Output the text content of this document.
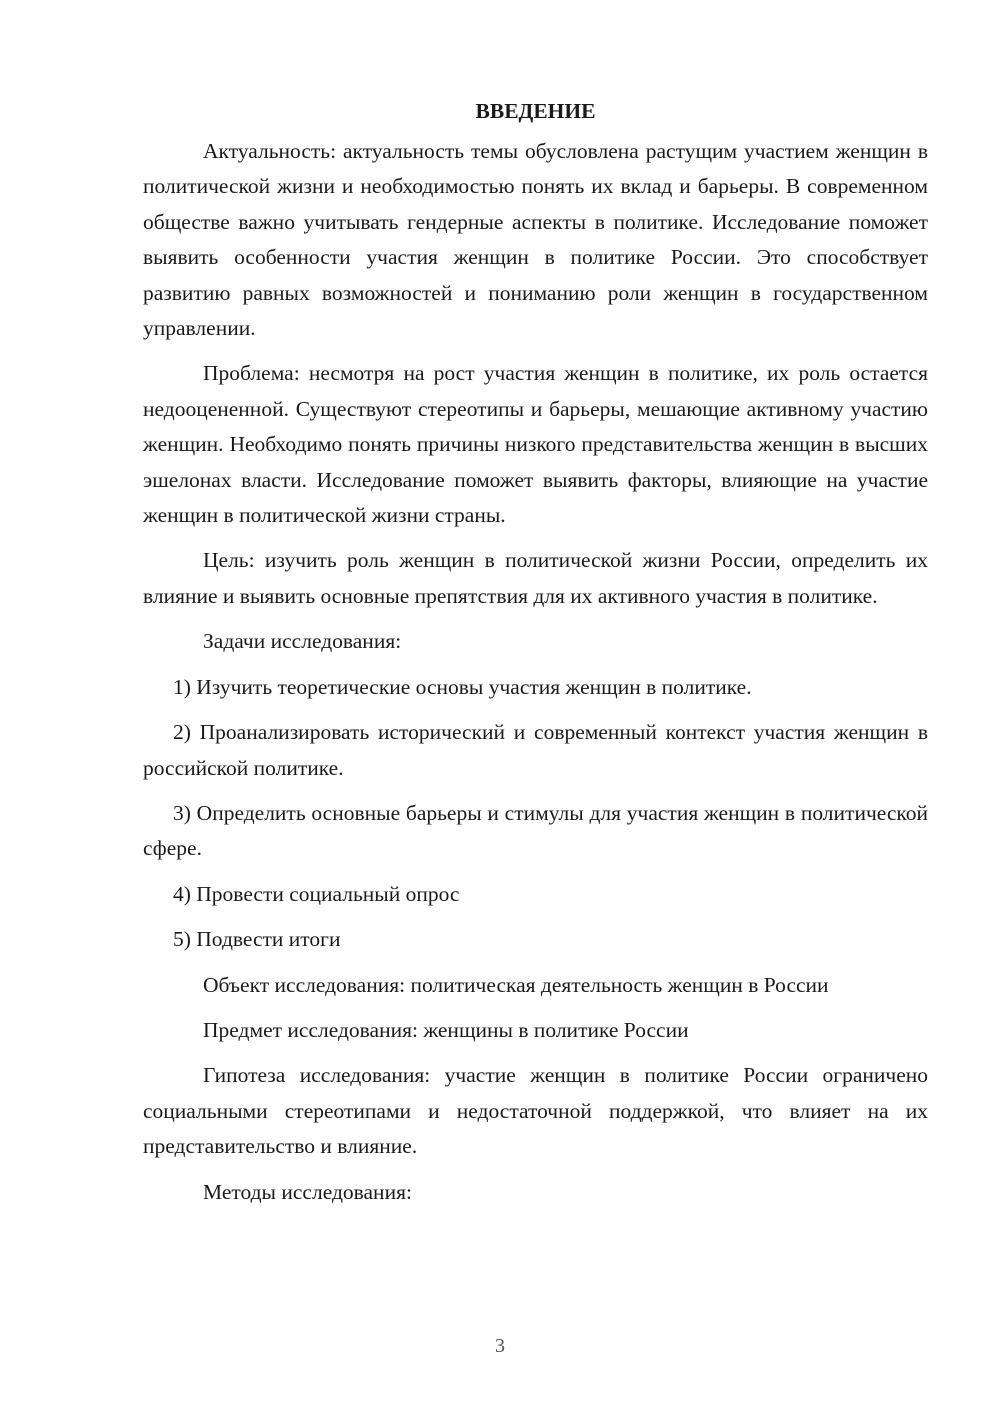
ВВЕДЕНИЕ

Актуальность: актуальность темы обусловлена растущим участием женщин в политической жизни и необходимостью понять их вклад и барьеры. В современном обществе важно учитывать гендерные аспекты в политике. Исследование поможет выявить особенности участия женщин в политике России. Это способствует развитию равных возможностей и пониманию роли женщин в государственном управлении.

Проблема: несмотря на рост участия женщин в политике, их роль остается недооцененной. Существуют стереотипы и барьеры, мешающие активному участию женщин. Необходимо понять причины низкого представительства женщин в высших эшелонах власти. Исследование поможет выявить факторы, влияющие на участие женщин в политической жизни страны.

Цель: изучить роль женщин в политической жизни России, определить их влияние и выявить основные препятствия для их активного участия в политике.

Задачи исследования:

1) Изучить теоретические основы участия женщин в политике.

2) Проанализировать исторический и современный контекст участия женщин в российской политике.

3) Определить основные барьеры и стимулы для участия женщин в политической сфере.

4) Провести социальный опрос

5) Подвести итоги

Объект исследования: политическая деятельность женщин в России

Предмет исследования: женщины в политике России

Гипотеза исследования: участие женщин в политике России ограничено социальными стереотипами и недостаточной поддержкой, что влияет на их представительство и влияние.

Методы исследования:

3
